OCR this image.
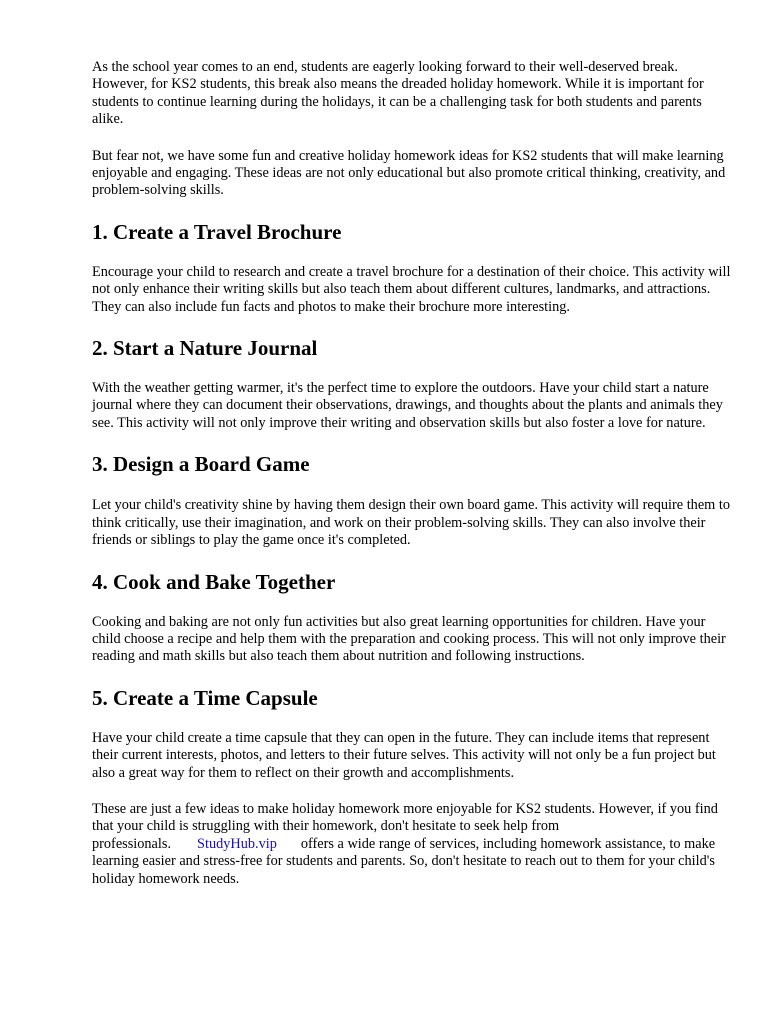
As the school year comes to an end, students are eagerly looking forward to their well-deserved break. However, for KS2 students, this break also means the dreaded holiday homework. While it is important for students to continue learning during the holidays, it can be a challenging task for both students and parents alike.

But fear not, we have some fun and creative holiday homework ideas for KS2 students that will make learning enjoyable and engaging. These ideas are not only educational but also promote critical thinking, creativity, and problem-solving skills.

1. Create a Travel Brochure

Encourage your child to research and create a travel brochure for a destination of their choice. This activity will not only enhance their writing skills but also teach them about different cultures, landmarks, and attractions. They can also include fun facts and photos to make their brochure more interesting.

2. Start a Nature Journal

With the weather getting warmer, it's the perfect time to explore the outdoors. Have your child start a nature journal where they can document their observations, drawings, and thoughts about the plants and animals they see. This activity will not only improve their writing and observation skills but also foster a love for nature.

3. Design a Board Game

Let your child's creativity shine by having them design their own board game. This activity will require them to think critically, use their imagination, and work on their problem-solving skills. They can also involve their friends or siblings to play the game once it's completed.

4. Cook and Bake Together

Cooking and baking are not only fun activities but also great learning opportunities for children. Have your child choose a recipe and help them with the preparation and cooking process. This will not only improve their reading and math skills but also teach them about nutrition and following instructions.

5. Create a Time Capsule

Have your child create a time capsule that they can open in the future. They can include items that represent their current interests, photos, and letters to their future selves. This activity will not only be a fun project but also a great way for them to reflect on their growth and accomplishments.

These are just a few ideas to make holiday homework more enjoyable for KS2 students. However, if you find that your child is struggling with their homework, don't hesitate to seek help from professionals. StudyHub.vip offers a wide range of services, including homework assistance, to make learning easier and stress-free for students and parents. So, don't hesitate to reach out to them for your child's holiday homework needs.
